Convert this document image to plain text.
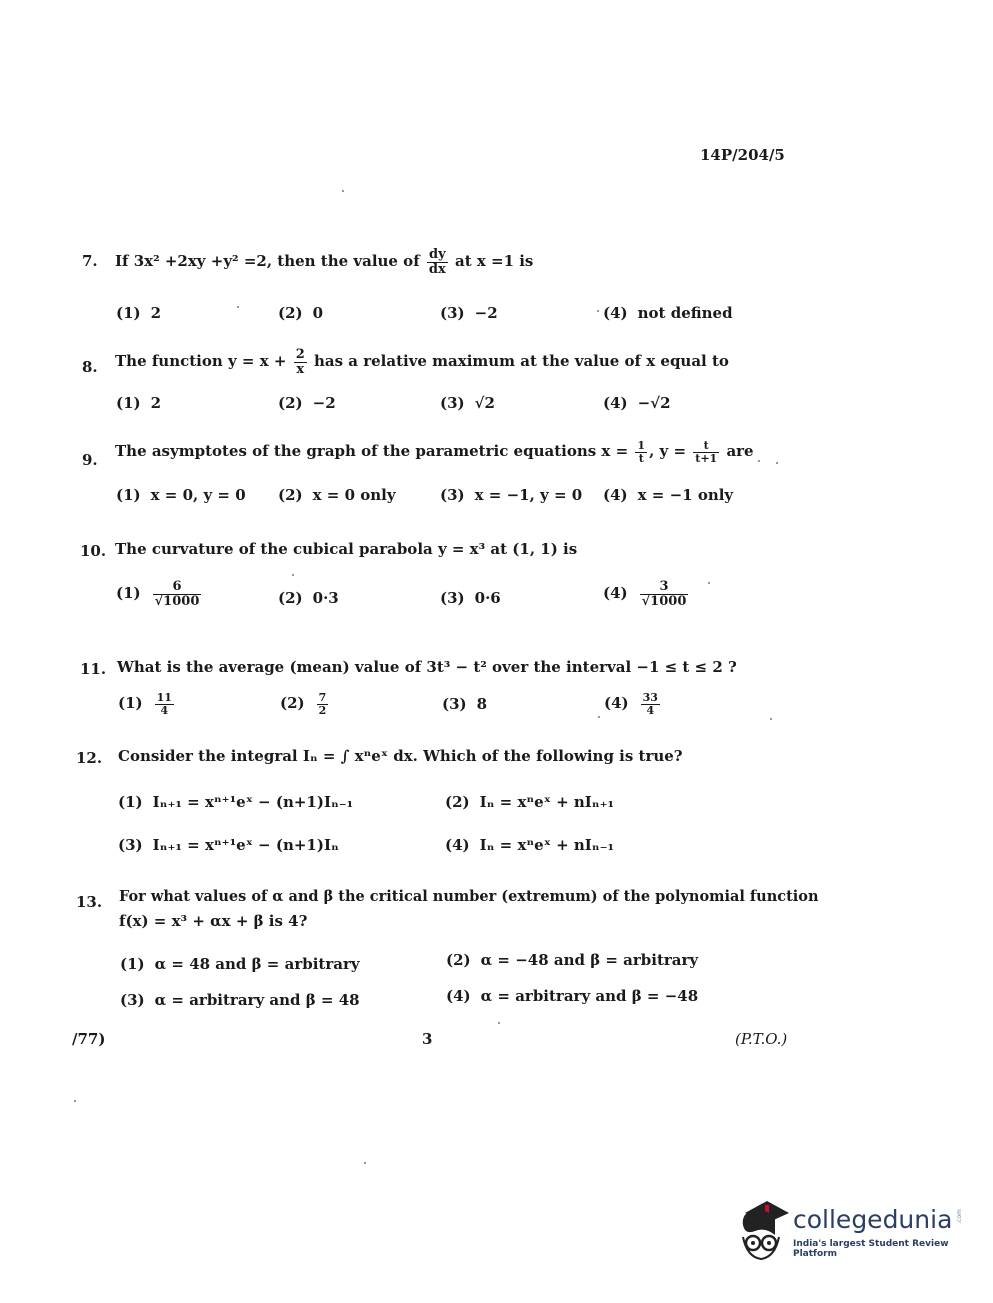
14P/204/5
7.	If 3x² +2xy +y² =2, then the value of $\frac{dy}{dx}$ at x =1 is
(1) 2	(2) 0	(3) −2	(4) not defined
8.	The function $y = x + \frac{2}{x}$ has a relative maximum at the value of x equal to
(1) 2	(2) −2	(3) √2	(4) −√2
9.	The asymptotes of the graph of the parametric equations $x = \frac{1}{t}$ , $y = \frac{t}{t+1}$ are
(1) x = 0, y = 0 (2) x = 0 only	(3) x = −1, y = 0 (4) x = −1 only
10. The curvature of the cubical parabola y = x³ at (1, 1) is
$(1) \frac{6}{√1000}$	(2) 0·3	(3) 0·6	$(4) \frac{3}{√1000}$
11. What is the average (mean) value of 3t³ − t² over the interval −1 ≤ t ≤ 2 ?
$(1) \frac{11}{4}$	$(2) \frac{7}{2}$	(3) 8	$(4) \frac{33}{4}$
12.	Consider the integral Iₙ = ∫ xⁿeˣ dx. Which of the following is true?
(1) Iₙ₊₁ = xⁿ⁺¹eˣ − (n+1)Iₙ₋₁	(2) Iₙ = xⁿeˣ + nIₙ₊₁
(3) Iₙ₊₁ = xⁿ⁺¹eˣ − (n+1)Iₙ	(4) Iₙ = xⁿeˣ + nIₙ₋₁
13.	For what values of α and β the critical number (extremum) of the polynomial function
f(x) = x³ + αx + β is 4?
(1) α = 48 and β = arbitrary	(2) α = −48 and β = arbitrary
(3) α = arbitrary and β = 48	(4) α = arbitrary and β = −48
/77)	3	(P.T.O.)
collegedunia .com
India's largest Student Review Platform
